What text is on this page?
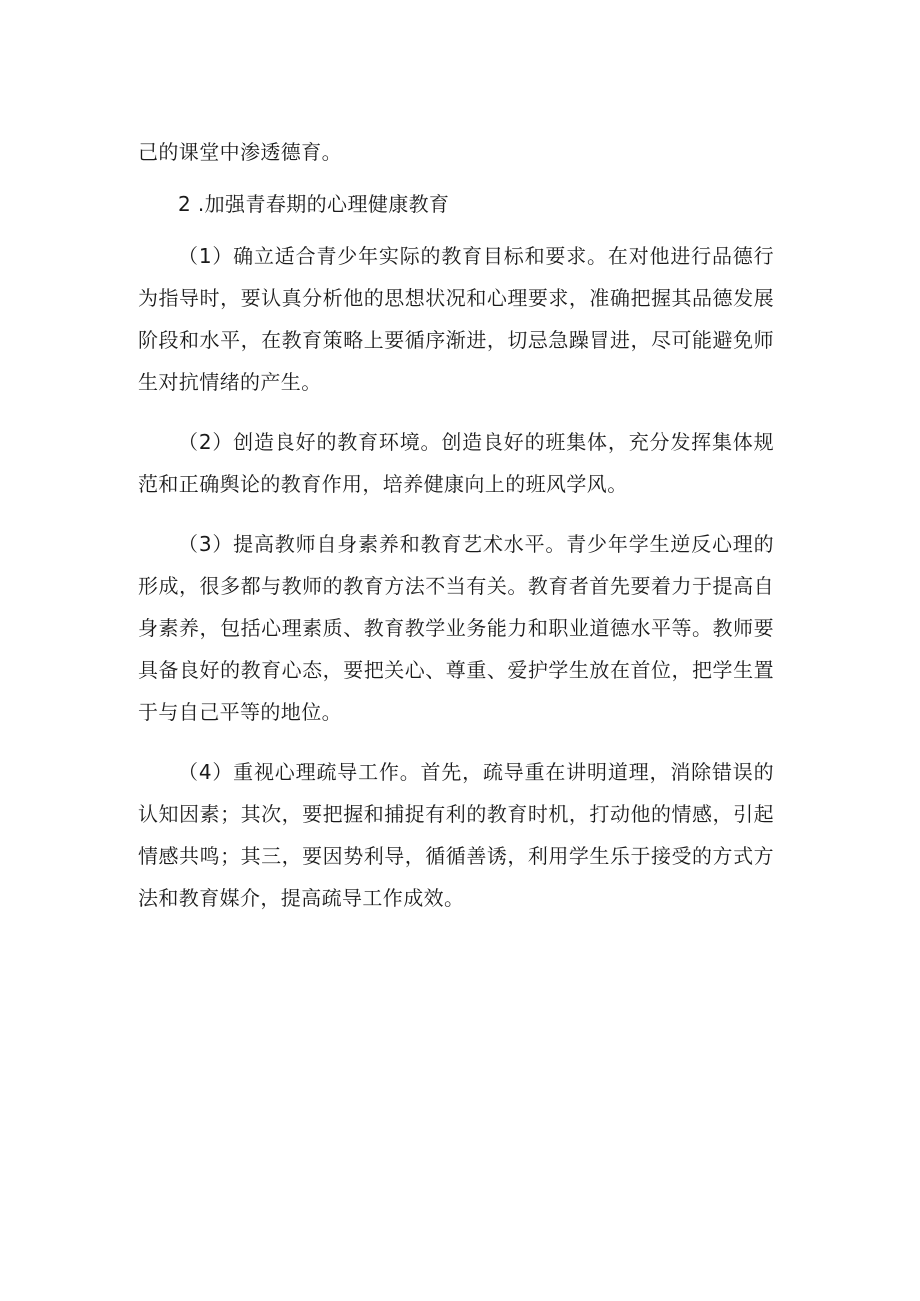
己的课堂中渗透德育。

2 .加强青春期的心理健康教育

（1）确立适合青少年实际的教育目标和要求。在对他进行品德行为指导时，要认真分析他的思想状况和心理要求，准确把握其品德发展阶段和水平，在教育策略上要循序渐进，切忌急躁冒进，尽可能避免师生对抗情绪的产生。

（2）创造良好的教育环境。创造良好的班集体，充分发挥集体规范和正确舆论的教育作用，培养健康向上的班风学风。

（3）提高教师自身素养和教育艺术水平。青少年学生逆反心理的形成，很多都与教师的教育方法不当有关。教育者首先要着力于提高自身素养，包括心理素质、教育教学业务能力和职业道德水平等。教师要具备良好的教育心态，要把关心、尊重、爱护学生放在首位，把学生置于与自己平等的地位。

（4）重视心理疏导工作。首先，疏导重在讲明道理，消除错误的认知因素；其次，要把握和捕捉有利的教育时机，打动他的情感，引起情感共鸣；其三，要因势利导，循循善诱，利用学生乐于接受的方式方法和教育媒介，提高疏导工作成效。
